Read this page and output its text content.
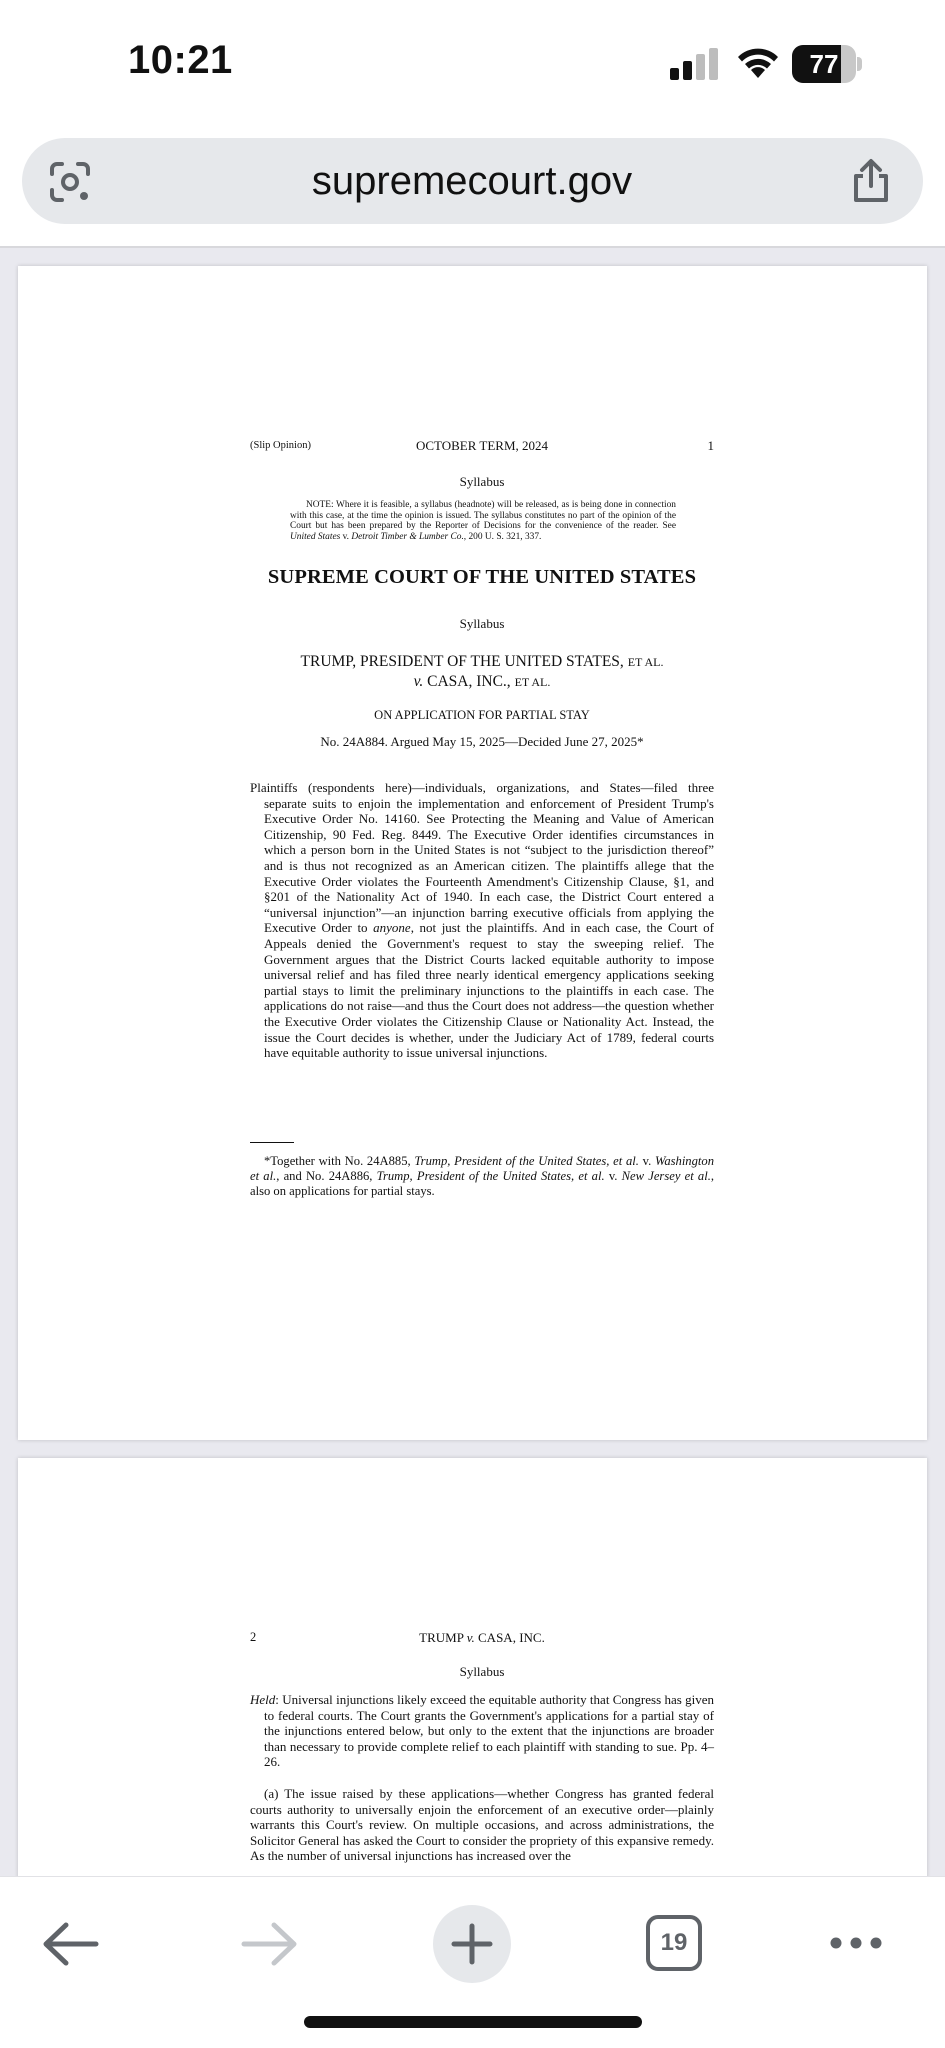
10:21	77
supremecourt.gov
(Slip Opinion)	OCTOBER TERM, 2024	1
Syllabus
NOTE: Where it is feasible, a syllabus (headnote) will be released, as is being done in connection with this case, at the time the opinion is issued. The syllabus constitutes no part of the opinion of the Court but has been prepared by the Reporter of Decisions for the convenience of the reader. See United States v. Detroit Timber & Lumber Co., 200 U. S. 321, 337.
SUPREME COURT OF THE UNITED STATES
Syllabus
TRUMP, PRESIDENT OF THE UNITED STATES, ET AL.
v. CASA, INC., ET AL.
ON APPLICATION FOR PARTIAL STAY
No. 24A884. Argued May 15, 2025—Decided June 27, 2025*
Plaintiffs (respondents here)—individuals, organizations, and States—filed three separate suits to enjoin the implementation and enforcement of President Trump's Executive Order No. 14160. See Protecting the Meaning and Value of American Citizenship, 90 Fed. Reg. 8449. The Executive Order identifies circumstances in which a person born in the United States is not “subject to the jurisdiction thereof” and is thus not recognized as an American citizen. The plaintiffs allege that the Executive Order violates the Fourteenth Amendment's Citizenship Clause, §1, and §201 of the Nationality Act of 1940. In each case, the District Court entered a “universal injunction”—an injunction barring executive officials from applying the Executive Order to anyone, not just the plaintiffs. And in each case, the Court of Appeals denied the Government's request to stay the sweeping relief. The Government argues that the District Courts lacked equitable authority to impose universal relief and has filed three nearly identical emergency applications seeking partial stays to limit the preliminary injunctions to the plaintiffs in each case. The applications do not raise—and thus the Court does not address—the question whether the Executive Order violates the Citizenship Clause or Nationality Act. Instead, the issue the Court decides is whether, under the Judiciary Act of 1789, federal courts have equitable authority to issue universal injunctions.
*Together with No. 24A885, Trump, President of the United States, et al. v. Washington et al., and No. 24A886, Trump, President of the United States, et al. v. New Jersey et al., also on applications for partial stays.
2	TRUMP v. CASA, INC.
Syllabus
Held: Universal injunctions likely exceed the equitable authority that Congress has given to federal courts. The Court grants the Government's applications for a partial stay of the injunctions entered below, but only to the extent that the injunctions are broader than necessary to provide complete relief to each plaintiff with standing to sue. Pp. 4–26.
(a) The issue raised by these applications—whether Congress has granted federal courts authority to universally enjoin the enforcement of an executive order—plainly warrants this Court's review. On multiple occasions, and across administrations, the Solicitor General has asked the Court to consider the propriety of this expansive remedy. As the number of universal injunctions has increased over the
19
